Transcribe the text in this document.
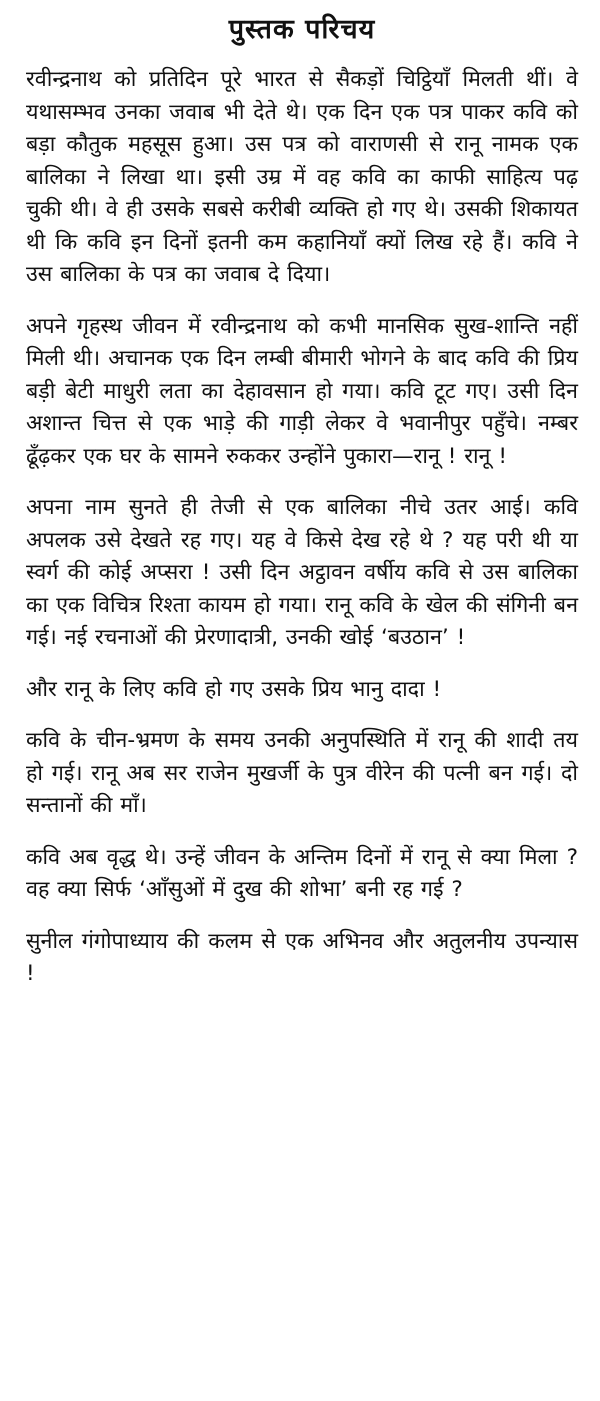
पुस्तक परिचय

रवीन्द्रनाथ को प्रतिदिन पूरे भारत से सैकड़ों चिट्ठियाँ मिलती थीं। वे यथासम्भव उनका जवाब भी देते थे। एक दिन एक पत्र पाकर कवि को बड़ा कौतुक महसूस हुआ। उस पत्र को वाराणसी से रानू नामक एक बालिका ने लिखा था। इसी उम्र में वह कवि का काफी साहित्य पढ़ चुकी थी। वे ही उसके सबसे करीबी व्यक्ति हो गए थे। उसकी शिकायत थी कि कवि इन दिनों इतनी कम कहानियाँ क्यों लिख रहे हैं। कवि ने उस बालिका के पत्र का जवाब दे दिया।

अपने गृहस्थ जीवन में रवीन्द्रनाथ को कभी मानसिक सुख-शान्ति नहीं मिली थी। अचानक एक दिन लम्बी बीमारी भोगने के बाद कवि की प्रिय बड़ी बेटी माधुरी लता का देहावसान हो गया। कवि टूट गए। उसी दिन अशान्त चित्त से एक भाड़े की गाड़ी लेकर वे भवानीपुर पहुँचे। नम्बर ढूँढ़कर एक घर के सामने रुककर उन्होंने पुकारा—रानू ! रानू !

अपना नाम सुनते ही तेजी से एक बालिका नीचे उतर आई। कवि अपलक उसे देखते रह गए। यह वे किसे देख रहे थे ? यह परी थी या स्वर्ग की कोई अप्सरा ! उसी दिन अट्ठावन वर्षीय कवि से उस बालिका का एक विचित्र रिश्ता कायम हो गया। रानू कवि के खेल की संगिनी बन गई। नई रचनाओं की प्रेरणादात्री, उनकी खोई ‘बउठान’ !

और रानू के लिए कवि हो गए उसके प्रिय भानु दादा !

कवि के चीन-भ्रमण के समय उनकी अनुपस्थिति में रानू की शादी तय हो गई। रानू अब सर राजेन मुखर्जी के पुत्र वीरेन की पत्नी बन गई। दो सन्तानों की माँ।

कवि अब वृद्ध थे। उन्हें जीवन के अन्तिम दिनों में रानू से क्या मिला ? वह क्या सिर्फ ‘आँसुओं में दुख की शोभा’ बनी रह गई ?

सुनील गंगोपाध्याय की कलम से एक अभिनव और अतुलनीय उपन्यास !
